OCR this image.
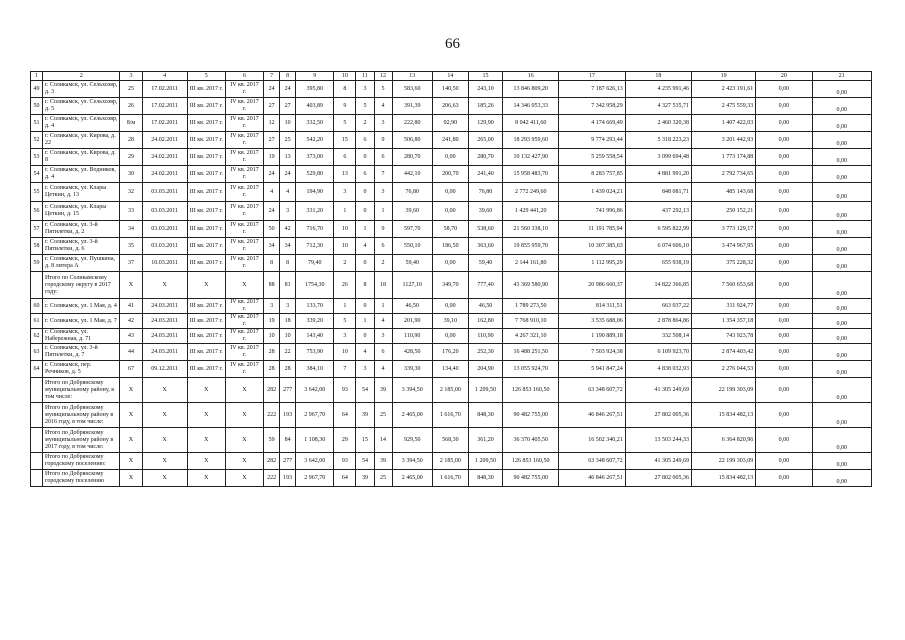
66
1	2	3	4	5	6	7	8	9	10	11	12	13	14	15	16	17	18	19	20	21
49	г. Соликамск, ул. Сельхозяр, д. 3	25	17.02.2011	III кв. 2017 г.	IV кв. 2017 г.	24	24	395,80	8	3	5	583,60	140,50	243,10	13 846 809,20	7 187 626,13	4 235 991,46	2 423 191,61	0,00	0,00
50	г. Соликамск, ул. Сельхозяр, д. 5	26	17.02.2011	III кв. 2017 г.	IV кв. 2017 г.	27	27	403,89	9	5	4	391,39	206,63	185,26	14 346 053,33	7 342 958,29	4 327 535,71	2 475 559,33	0,00	0,00
51	г. Соликамск, ул. Сельхозяр, д. 4	8/м	17.02.2011	III кв. 2017 г.	IV кв. 2017 г.	12	10	332,50	5	2	3	222,80	92,90	129,90	8 042 411,60	4 174 669,49	2 460 320,38	1 407 422,03	0,00	0,00
52	г. Соликамск, ул. Кирова, д. 22	28	24.02.2011	III кв. 2017 г.	IV кв. 2017 г.	27	25	542,20	15	6	9	506,80	241,80	265,00	18 293 959,60	9 774 293,44	5 318 223,23	3 201 442,93	0,00	0,00
53	г. Соликамск, ул. Кирова, д. 8	29	24.02.2011	III кв. 2017 г.	IV кв. 2017 г.	19	13	373,00	6	0	6	280,70	0,00	280,70	10 132 427,90	5 259 558,54	3 099 694,48	1 773 174,88	0,00	0,00
54	г. Соликамск, ул. Водников, д. 4	30	24.02.2011	III кв. 2017 г.	IV кв. 2017 г.	24	24	529,80	13	6	7	442,10	200,70	241,40	15 958 483,70	8 283 757,85	4 881 991,20	2 792 734,65	0,00	0,00
55	г. Соликамск, ул. Клары Цеткин, д. 13	32	03.03.2011	III кв. 2017 г.	IV кв. 2017 г.	4	4	194,90	3	0	3	76,80	0,00	76,80	2 772 249,60	1 439 024,21	848 081,71	485 143,68	0,00	0,00
56	г. Соликамск, ул. Клары Цеткин, д. 15	33	03.03.2011	III кв. 2017 г.	IV кв. 2017 г.	24	3	331,20	1	0	1	39,60	0,00	39,60	1 429 441,20	741 996,86	437 292,13	250 152,21	0,00	0,00
57	г. Соликамск, ул. 3-й Пятилетки, д. 2	34	03.03.2011	III кв. 2017 г.	IV кв. 2017 г.	50	42	716,70	10	1	9	597,70	58,70	538,60	21 560 338,10	11 191 785,94	6 595 822,99	3 773 129,17	0,00	0,00
58	г. Соликамск, ул. 3-й Пятилетки, д. 6	35	03.03.2011	III кв. 2017 г.	IV кв. 2017 г.	34	34	712,30	10	4	6	550,10	186,50	363,60	19 855 959,70	10 307 385,63	6 074 606,10	3 474 967,95	0,00	0,00
59	г. Соликамск, ул. Пушкина, д. 8 литера А	37	10.03.2011	III кв. 2017 г.	IV кв. 2017 г.	8	8	79,40	2	0	2	59,40	0,00	59,40	2 144 161,80	1 112 995,29	655 938,19	375 228,32	0,00	0,00
	Итого по Соликамскому городскому округу в 2017 году:	X	X	X	X	88	81	1754,30	26	8	18	1127,10	349,70	777,40	43 369 580,90	20 986 660,37	14 822 366,85	7 560 653,68	0,00	0,00
60	г. Соликамск, ул. 1 Мая, д. 4	41	24.03.2011	III кв. 2017 г.	IV кв. 2017 г.	3	3	133,70	1	0	1	46,50	0,00	46,50	1 789 273,50	814 311,51	663 037,22	311 924,77	0,00	0,00
61	г. Соликамск, ул. 1 Мая, д. 7	42	24.03.2011	III кв. 2017 г.	IV кв. 2017 г.	19	18	339,20	5	1	4	201,90	39,10	162,80	7 768 910,10	3 535 688,06	2 878 864,86	1 354 357,18	0,00	0,00
62	г. Соликамск, ул. Набережная, д. 71	43	24.03.2011	III кв. 2017 г.	IV кв. 2017 г.	10	10	143,40	3	0	3	110,90	0,00	110,90	4 267 321,10	1 190 889,18	332 508,14	743 923,78	0,00	0,00
63	г. Соликамск, ул. 3-й Пятилетки, д. 7	44	24.03.2011	III кв. 2017 г.	IV кв. 2017 г.	28	22	753,90	10	4	6	428,50	176,20	252,30	16 488 251,50	7 503 924,38	6 109 923,70	2 874 403,42	0,00	0,00
64	г. Соликамск, пер. Речников, д. 5	67	09.12.2011	III кв. 2017 г.	IV кв. 2017 г.	28	28	384,10	7	3	4	339,30	134,40	204,90	13 055 924,70	5 941 847,24	4 838 032,93	2 276 044,53	0,00	0,00
	Итого по Добрянскому муниципальному району, в том числе:	X	X	X	X	282	277	3 642,00	93	54	39	3 394,50	2 185,00	1 209,50	126 853 160,50	63 348 607,72	41 305 249,69	22 199 303,09	0,00	0,00
	Итого по Добрянскому муниципальному району в 2016 году, в том числе:	X	X	X	X	222	193	2 967,70	64	39	25	2 465,00	1 616,70	848,30	90 482 755,00	46 846 267,51	27 802 005,36	15 834 482,13	0,00	0,00
	Итого по Добрянскому муниципальному району в 2017 году, в том числе:	X	X	X	X	59	84	1 108,30	29	15	14	929,50	568,30	361,20	36 370 405,50	16 502 340,21	13 503 244,33	6 364 820,96	0,00	0,00
	Итого по Добрянскому городскому поселению:	X	X	X	X	282	277	3 642,00	93	54	39	3 394,50	2 185,00	1 209,50	126 853 160,50	63 348 607,72	41 305 249,69	22 199 303,09	0,00	0,00
	Итого по Добрянскому городскому поселению	X	X	X	X	222	193	2 967,70	64	39	25	2 465,00	1 616,70	848,30	90 482 755,00	46 846 267,51	27 802 005,36	15 834 482,13	0,00	0,00
